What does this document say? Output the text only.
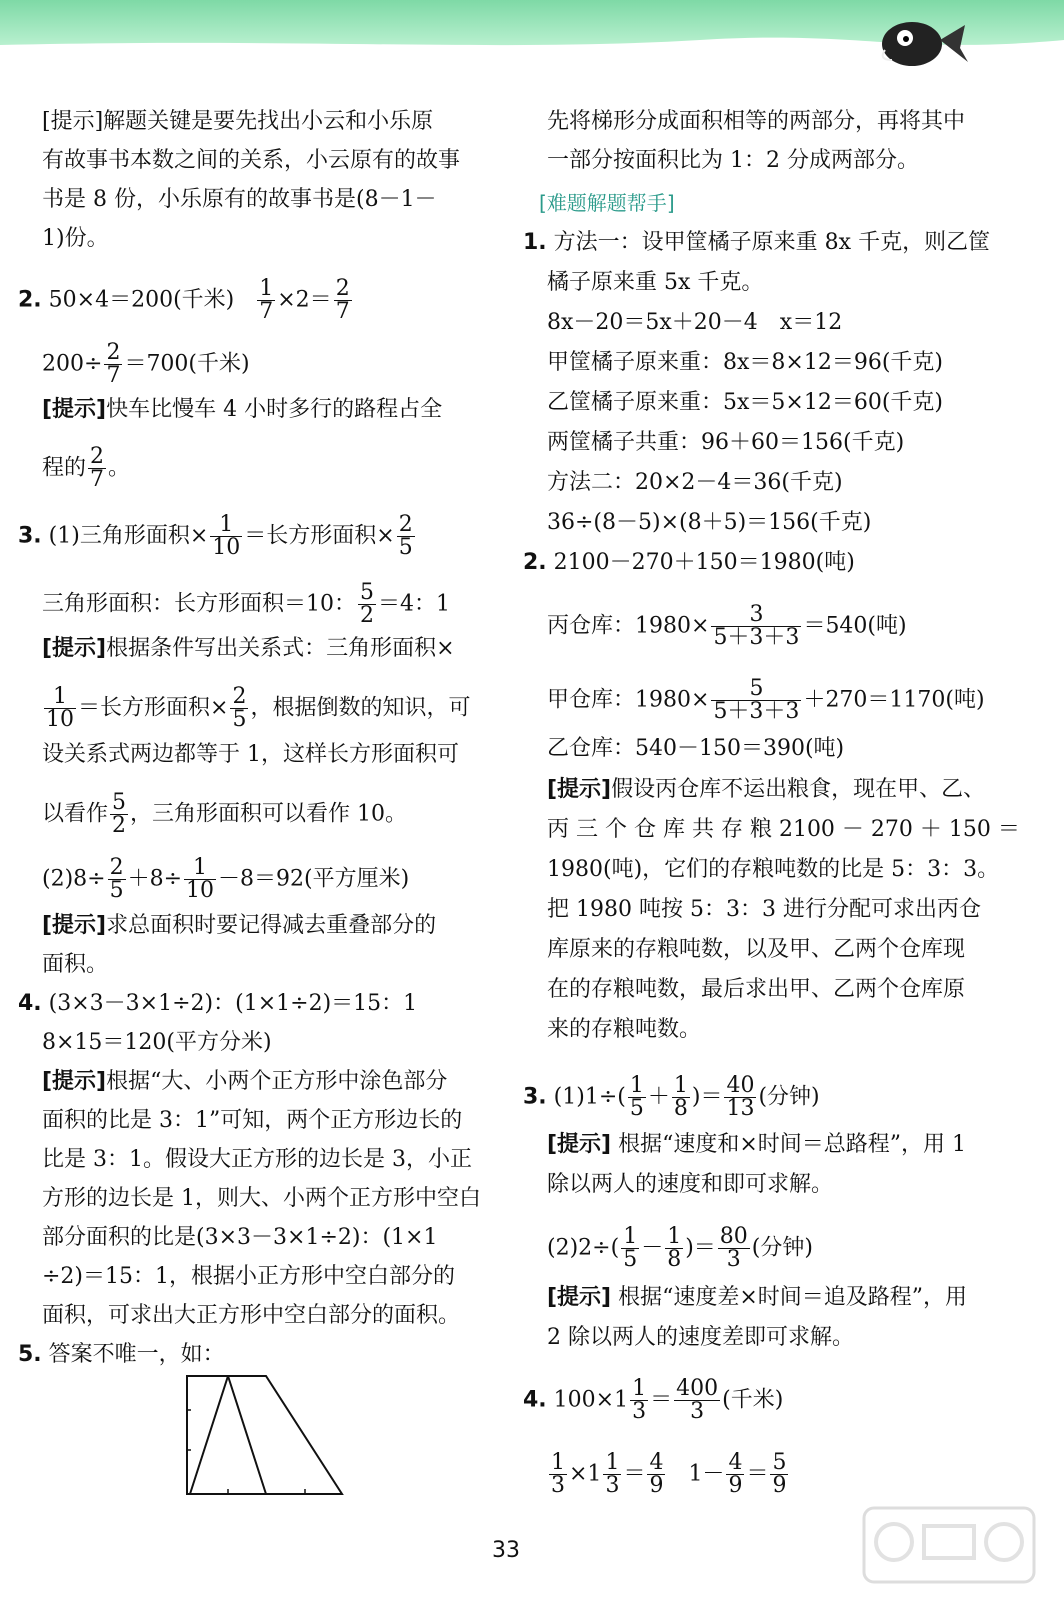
[提示]解题关键是要先找出小云和小乐原
有故事书本数之间的关系，小云原有的故事
书是 8 份，小乐原有的故事书是(8－1－
1)份。
2. 50×4＝200(千米) $\frac{1}{7} \times 2= \frac{2}{7}$
$200\div \frac{2}{7} =700$(千米)
[提示]快车比慢车 4 小时多行的路程占全
程的 $\frac{2}{7}$ 。
3. (1)三角形面积× $\frac{1}{10}$ ＝长方形面积× $\frac{2}{5}$
三角形面积：长方形面积＝10： $\frac{5}{2} =4$：1
[提示]根据条件写出关系式：三角形面积×
$\frac{1}{10}$ ＝长方形面积× $\frac{2}{5}$ ，根据倒数的知识，可
设关系式两边都等于 1，这样长方形面积可
以看作 $\frac{5}{2}$ ，三角形面积可以看作 10。
$(2)8\div \frac{2}{5} +8\div \frac{1}{10} -8=92$(平方厘米)
[提示]求总面积时要记得减去重叠部分的
面积。
4. (3×3－3×1÷2)：(1×1÷2)＝15：1
8×15＝120(平方分米)
[提示]根据“大、小两个正方形中涂色部分
面积的比是 3：1”可知，两个正方形边长的
比是 3：1。假设大正方形的边长是 3，小正
方形的边长是 1，则大、小两个正方形中空白
部分面积的比是(3×3－3×1÷2)：(1×1
÷2)＝15：1，根据小正方形中空白部分的
面积，可求出大正方形中空白部分的面积。
5. 答案不唯一，如：
先将梯形分成面积相等的两部分，再将其中
一部分按面积比为 1：2 分成两部分。
[难题解题帮手]
1. 方法一：设甲筐橘子原来重 8x 千克，则乙筐
橘子原来重 5x 千克。
8x－20＝5x＋20－4　x＝12
甲筐橘子原来重：8x＝8×12＝96(千克)
乙筐橘子原来重：5x＝5×12＝60(千克)
两筐橘子共重：96＋60＝156(千克)
方法二：20×2－4＝36(千克)
36÷(8－5)×(8＋5)＝156(千克)
2. 2100－270＋150＝1980(吨)
丙仓库：$1980\times \frac{3}{5+3+3} =540$(吨)
甲仓库：$1980\times \frac{5}{5+3+3} +270=1170$(吨)
乙仓库：540－150＝390(吨)
[提示]假设丙仓库不运出粮食，现在甲、乙、
丙 三 个 仓 库 共 存 粮 2100 － 270 ＋ 150 ＝
1980(吨)，它们的存粮吨数的比是 5：3：3。
把 1980 吨按 5：3：3 进行分配可求出丙仓
库原来的存粮吨数，以及甲、乙两个仓库现
在的存粮吨数，最后求出甲、乙两个仓库原
来的存粮吨数。
3. $(1)1\div( \frac{1}{5} + \frac{1}{8}$ )＝ $\frac{40}{13}$ (分钟)
[提示] 根据“速度和×时间＝总路程”，用 1
除以两人的速度和即可求解。
$(2)2\div( \frac{1}{5} - \frac{1}{8}$ )＝ $\frac{80}{3}$ (分钟)
[提示] 根据“速度差×时间＝追及路程”，用
2 除以两人的速度差即可求解。
4. $100\times 1 \frac{1}{3} = \frac{400}{3}$ (千米)
$\frac{1}{3} \times 1 \frac{1}{3} = \frac{4}{9} 1- \frac{4}{9} = \frac{5}{9}$
33
